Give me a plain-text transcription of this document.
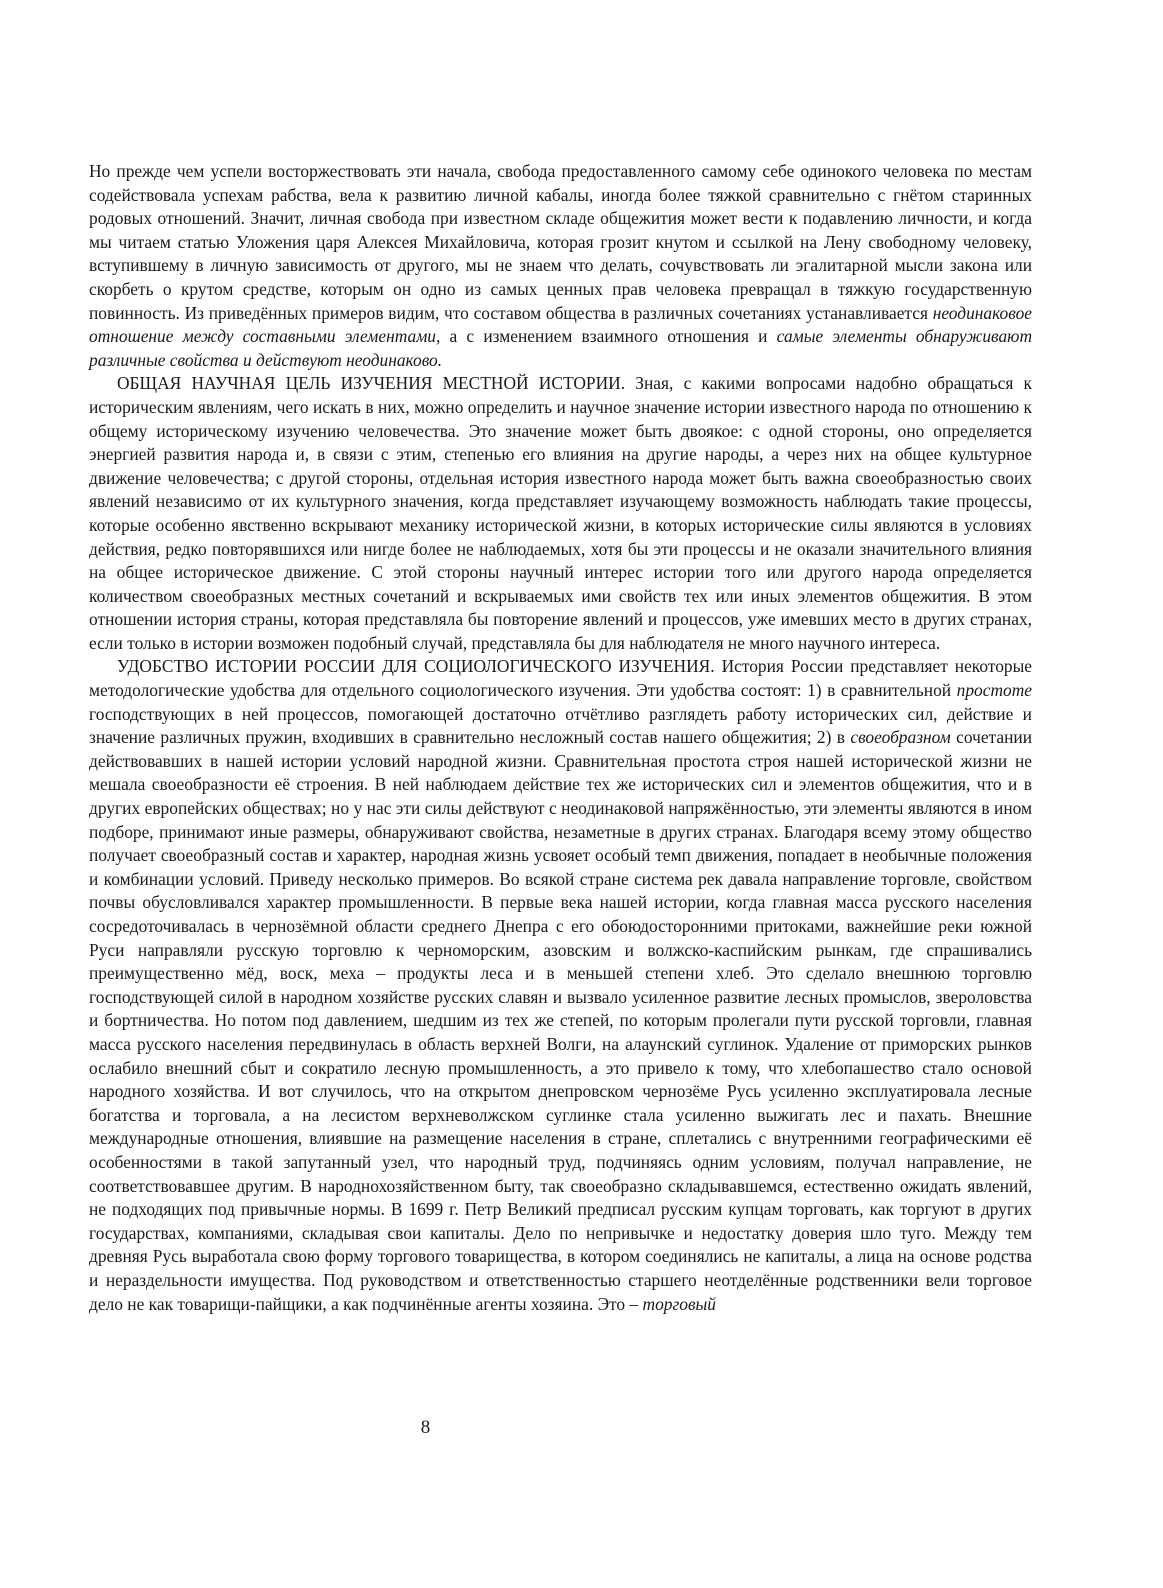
Но прежде чем успели восторжествовать эти начала, свобода предоставленного самому себе одинокого человека по местам содействовала успехам рабства, вела к развитию личной кабалы, иногда более тяжкой сравнительно с гнётом старинных родовых отношений. Значит, личная свобода при известном складе общежития может вести к подавлению личности, и когда мы читаем статью Уложения царя Алексея Михайловича, которая грозит кнутом и ссылкой на Лену свободному человеку, вступившему в личную зависимость от другого, мы не знаем что делать, сочувствовать ли эгалитарной мысли закона или скорбеть о крутом средстве, которым он одно из самых ценных прав человека превращал в тяжкую государственную повинность. Из приведённых примеров видим, что составом общества в различных сочетаниях устанавливается неодинаковое отношение между составными элементами, а с изменением взаимного отношения и самые элементы обнаруживают различные свойства и действуют неодинаково.

ОБЩАЯ НАУЧНАЯ ЦЕЛЬ ИЗУЧЕНИЯ МЕСТНОЙ ИСТОРИИ. Зная, с какими вопросами надобно обращаться к историческим явлениям, чего искать в них, можно определить и научное значение истории известного народа по отношению к общему историческому изучению человечества. Это значение может быть двоякое: с одной стороны, оно определяется энергией развития народа и, в связи с этим, степенью его влияния на другие народы, а через них на общее культурное движение человечества; с другой стороны, отдельная история известного народа может быть важна своеобразностью своих явлений независимо от их культурного значения, когда представляет изучающему возможность наблюдать такие процессы, которые особенно явственно вскрывают механику исторической жизни, в которых исторические силы являются в условиях действия, редко повторявшихся или нигде более не наблюдаемых, хотя бы эти процессы и не оказали значительного влияния на общее историческое движение. С этой стороны научный интерес истории того или другого народа определяется количеством своеобразных местных сочетаний и вскрываемых ими свойств тех или иных элементов общежития. В этом отношении история страны, которая представляла бы повторение явлений и процессов, уже имевших место в других странах, если только в истории возможен подобный случай, представляла бы для наблюдателя не много научного интереса.

УДОБСТВО ИСТОРИИ РОССИИ ДЛЯ СОЦИОЛОГИЧЕСКОГО ИЗУЧЕНИЯ. История России представляет некоторые методологические удобства для отдельного социологического изучения. Эти удобства состоят: 1) в сравнительной простоте господствующих в ней процессов, помогающей достаточно отчётливо разглядеть работу исторических сил, действие и значение различных пружин, входивших в сравнительно несложный состав нашего общежития; 2) в своеобразном сочетании действовавших в нашей истории условий народной жизни. Сравнительная простота строя нашей исторической жизни не мешала своеобразности её строения. В ней наблюдаем действие тех же исторических сил и элементов общежития, что и в других европейских обществах; но у нас эти силы действуют с неодинаковой напряжённостью, эти элементы являются в ином подборе, принимают иные размеры, обнаруживают свойства, незаметные в других странах. Благодаря всему этому общество получает своеобразный состав и характер, народная жизнь усвояет особый темп движения, попадает в необычные положения и комбинации условий. Приведу несколько примеров. Во всякой стране система рек давала направление торговле, свойством почвы обусловливался характер промышленности. В первые века нашей истории, когда главная масса русского населения сосредоточивалась в чернозёмной области среднего Днепра с его обоюдосторонними притоками, важнейшие реки южной Руси направляли русскую торговлю к черноморским, азовским и волжско-каспийским рынкам, где спрашивались преимущественно мёд, воск, меха – продукты леса и в меньшей степени хлеб. Это сделало внешнюю торговлю господствующей силой в народном хозяйстве русских славян и вызвало усиленное развитие лесных промыслов, звероловства и бортничества. Но потом под давлением, шедшим из тех же степей, по которым пролегали пути русской торговли, главная масса русского населения передвинулась в область верхней Волги, на алаунский суглинок. Удаление от приморских рынков ослабило внешний сбыт и сократило лесную промышленность, а это привело к тому, что хлебопашество стало основой народного хозяйства. И вот случилось, что на открытом днепровском чернозёме Русь усиленно эксплуатировала лесные богатства и торговала, а на лесистом верхневолжском суглинке стала усиленно выжигать лес и пахать. Внешние международные отношения, влиявшие на размещение населения в стране, сплетались с внутренними географическими её особенностями в такой запутанный узел, что народный труд, подчиняясь одним условиям, получал направление, не соответствовавшее другим. В народнохозяйственном быту, так своеобразно складывавшемся, естественно ожидать явлений, не подходящих под привычные нормы. В 1699 г. Петр Великий предписал русским купцам торговать, как торгуют в других государствах, компаниями, складывая свои капиталы. Дело по непривычке и недостатку доверия шло туго. Между тем древняя Русь выработала свою форму торгового товарищества, в котором соединялись не капиталы, а лица на основе родства и нераздельности имущества. Под руководством и ответственностью старшего неотделённые родственники вели торговое дело не как товарищи-пайщики, а как подчинённые агенты хозяина. Это – торговый

8
